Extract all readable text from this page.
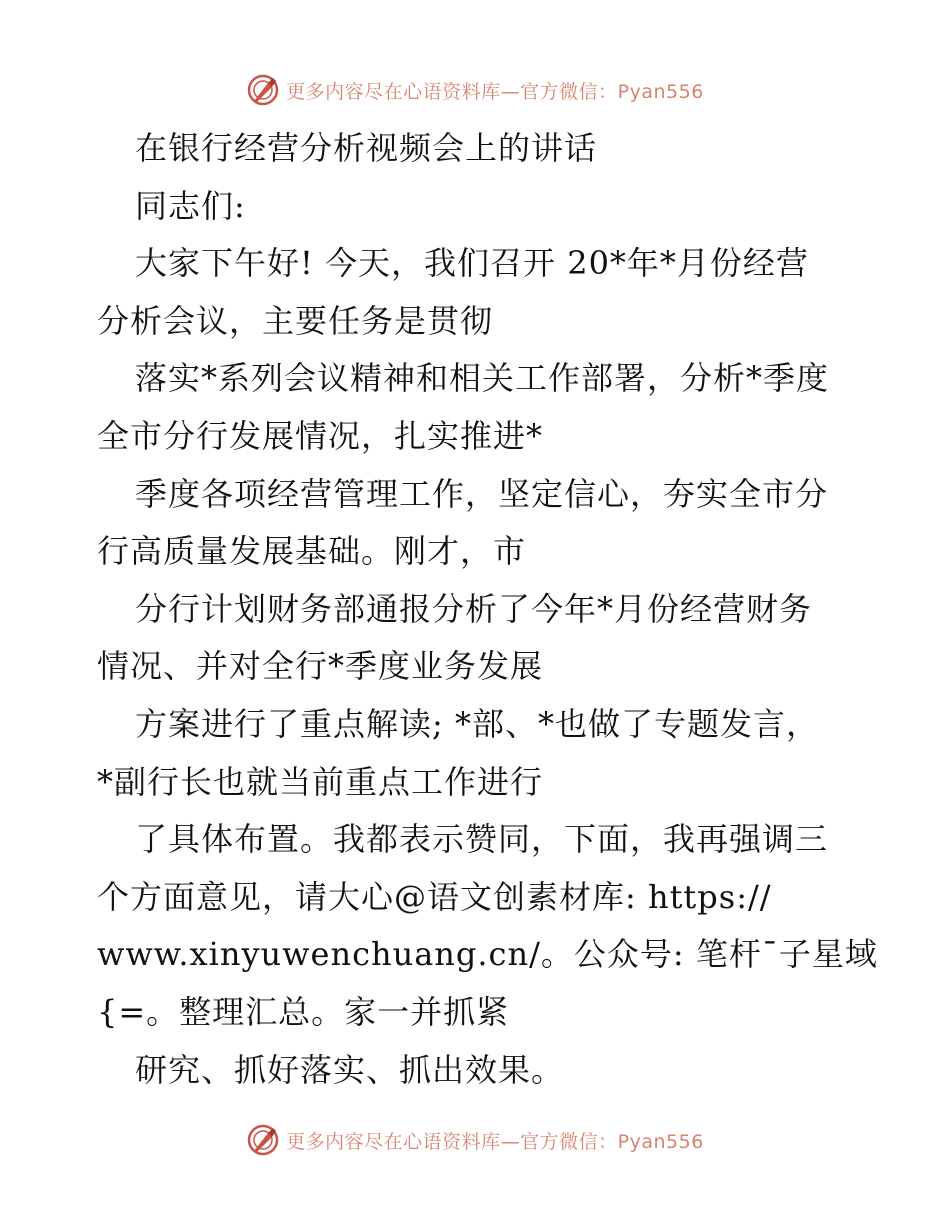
更多内容尽在心语资料库—官方微信：Pyan556
在银行经营分析视频会上的讲话
同志们:
大家下午好! 今天，我们召开 20*年*月份经营
分析会议，主要任务是贯彻
落实*系列会议精神和相关工作部署，分析*季度
全市分行发展情况，扎实推进*
季度各项经营管理工作，坚定信心，夯实全市分
行高质量发展基础。刚才，市
分行计划财务部通报分析了今年*月份经营财务
情况、并对全行*季度业务发展
方案进行了重点解读; *部、*也做了专题发言，
*副行长也就当前重点工作进行
了具体布置。我都表示赞同，下面，我再强调三
个方面意见，请大心@语文创素材库: https://
www.xinyuwenchuang.cn/。公众号: 笔杆¯子星域
{=。整理汇总。家一并抓紧
研究、抓好落实、抓出效果。
更多内容尽在心语资料库—官方微信：Pyan556
